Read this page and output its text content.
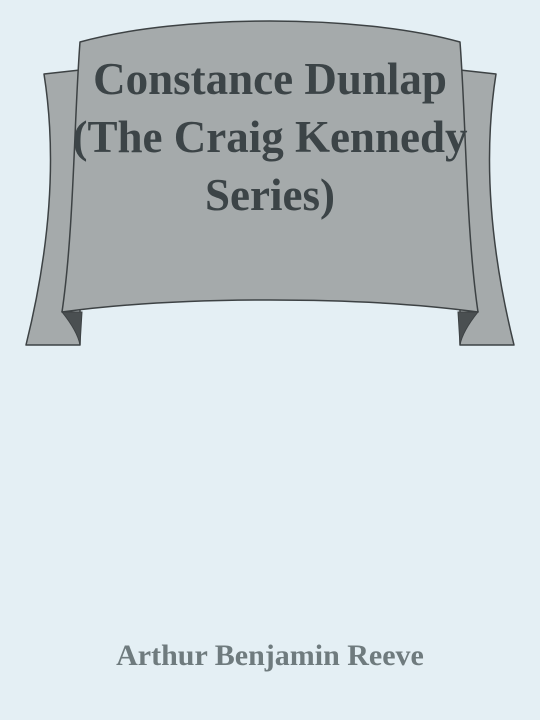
Constance Dunlap (The Craig Kennedy Series)
Arthur Benjamin Reeve
